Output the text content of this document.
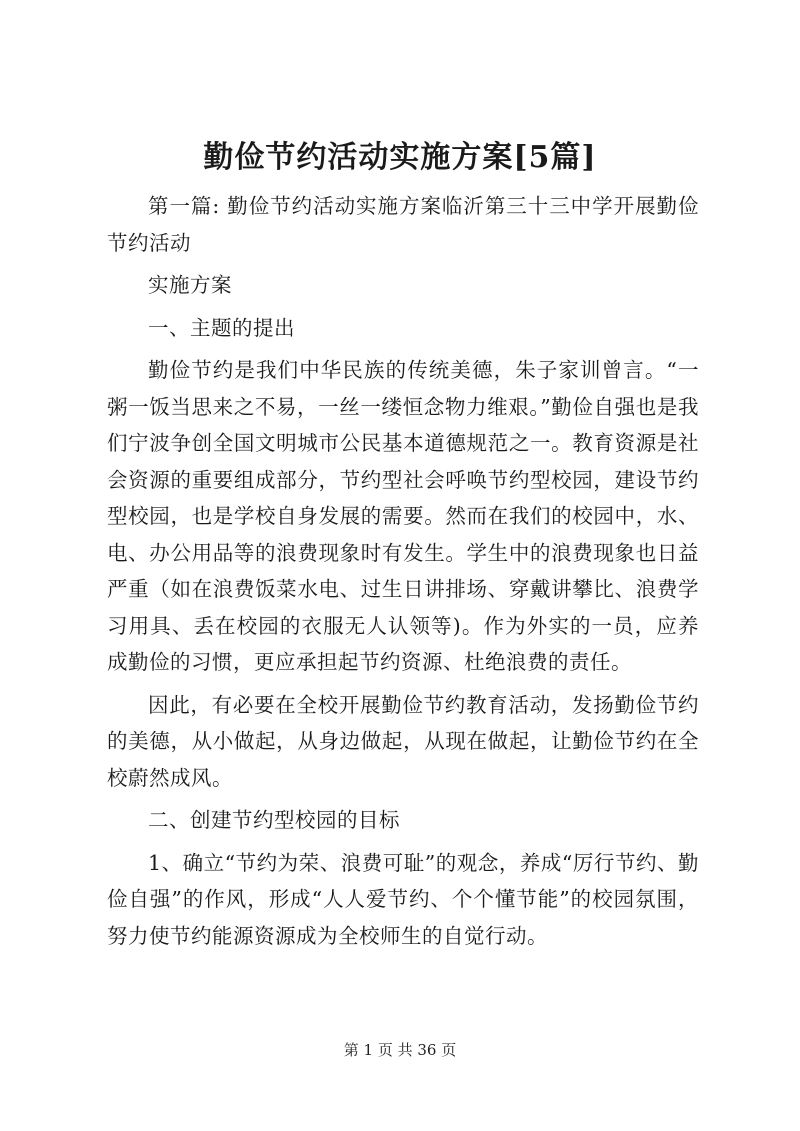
勤俭节约活动实施方案[5篇]

第一篇: 勤俭节约活动实施方案临沂第三十三中学开展勤俭节约活动

实施方案

一、主题的提出

勤俭节约是我们中华民族的传统美德，朱子家训曾言。“一粥一饭当思来之不易，一丝一缕恒念物力维艰。”勤俭自强也是我们宁波争创全国文明城市公民基本道德规范之一。教育资源是社会资源的重要组成部分，节约型社会呼唤节约型校园，建设节约型校园，也是学校自身发展的需要。然而在我们的校园中，水、电、办公用品等的浪费现象时有发生。学生中的浪费现象也日益严重（如在浪费饭菜水电、过生日讲排场、穿戴讲攀比、浪费学习用具、丢在校园的衣服无人认领等)。作为外实的一员，应养成勤俭的习惯，更应承担起节约资源、杜绝浪费的责任。

因此，有必要在全校开展勤俭节约教育活动，发扬勤俭节约的美德，从小做起，从身边做起，从现在做起，让勤俭节约在全校蔚然成风。

二、创建节约型校园的目标

1、确立“节约为荣、浪费可耻”的观念，养成“厉行节约、勤俭自强”的作风，形成“人人爱节约、个个懂节能”的校园氛围，努力使节约能源资源成为全校师生的自觉行动。

第 1 页 共 36 页
